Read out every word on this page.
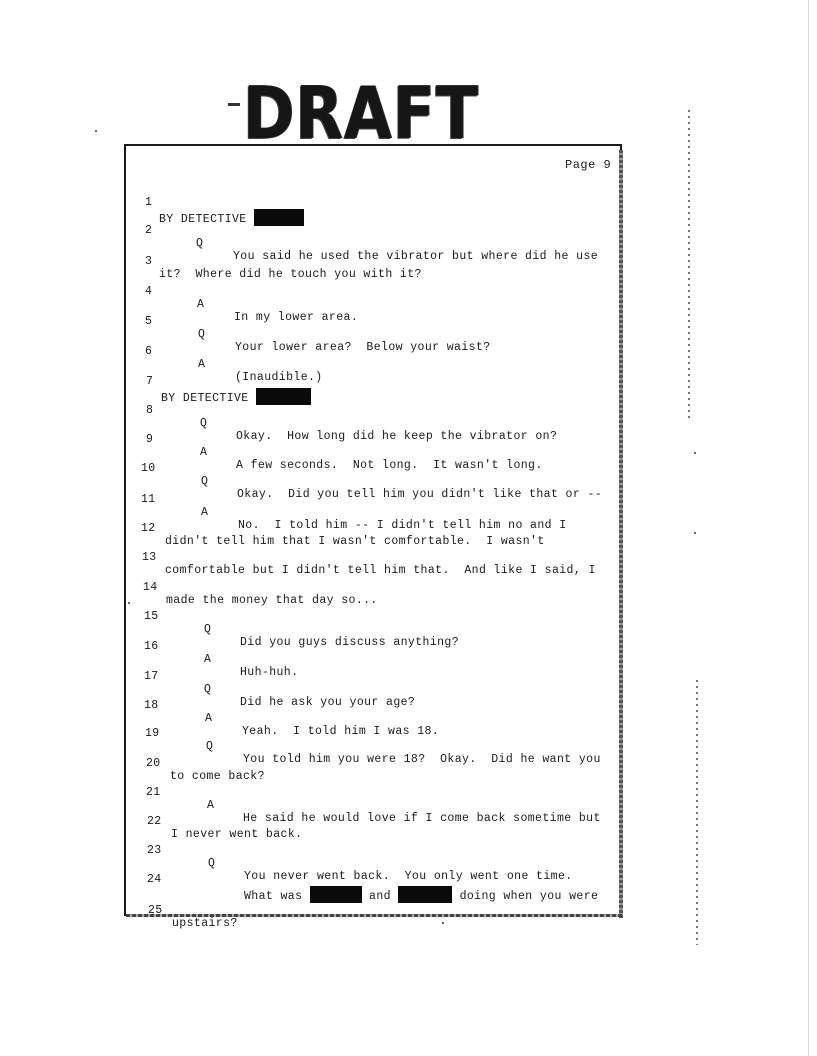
DRAFT
Page 9

1

BY DETECTIVE

2

Q

You said he used the vibrator but where did he use

3

it?  Where did he touch you with it?

4

A

In my lower area.

5

Q

Your lower area?  Below your waist?

6

A

(Inaudible.)

7

BY DETECTIVE

8

Q

Okay.  How long did he keep the vibrator on?

9

A

A few seconds.  Not long.  It wasn't long.

10

Q

Okay.  Did you tell him you didn't like that or --

11

A

No.  I told him -- I didn't tell him no and I

12

didn't tell him that I wasn't comfortable.  I wasn't

13

comfortable but I didn't tell him that.  And like I said, I

14

made the money that day so...

15

Q

Did you guys discuss anything?

16

A

Huh-huh.

17

Q

Did he ask you your age?

18

A

Yeah.  I told him I was 18.

19

Q

You told him you were 18?  Okay.  Did he want you

20

to come back?

21

A

He said he would love if I come back sometime but

22

I never went back.

23

Q

You never went back.  You only went one time.

24

What was	and	doing when you were

25

upstairs?
